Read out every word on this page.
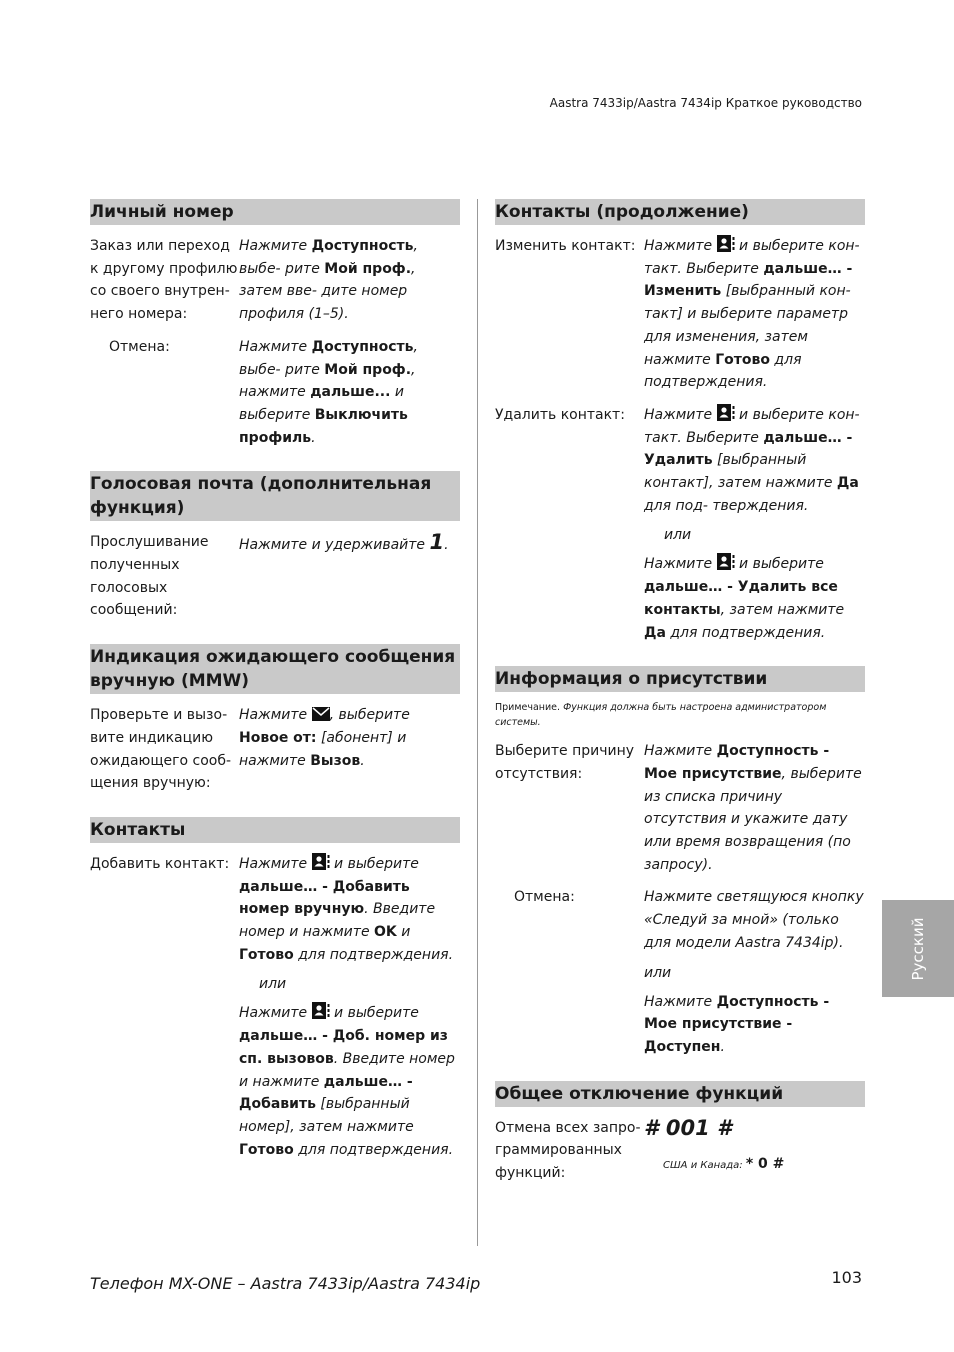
Aastra 7433ip/Aastra 7434ip Краткое руководство
Личный номер
Заказ или переход к другому профилю со своего внутрен- него номера:
Нажмите Доступность, выбе- рите Мой проф., затем вве- дите номер профиля (1–5).
Отмена:	Нажмите Доступность, выбе- рите Мой проф., нажмите дальше... и выберите Выключить профиль.
Голосовая почта (дополнительная функция)
Прослушивание полученных голосовых сообщений:
Нажмите и удерживайте 1.
Индикация ожидающего сообщения вручную (MMW)
Проверьте и вызо- вите индикацию ожидающего сооб- щения вручную:
Нажмите , выберите Новое от: [абонент] и нажмите Вызов.
Контакты
Добавить контакт: Нажмите  и выберите дальше… - Добавить номер вручную. Введите номер и нажмите OK и Готово для подтверждения.
или
Нажмите  и выберите дальше… - Доб. номер из сп. вызовов. Введите номер и нажмите дальше… - Добавить [выбранный номер], затем нажмите Готово для подтверждения.
Контакты (продолжение)
Изменить контакт: Нажмите  и выберите кон- такт. Выберите дальше… - Изменить [выбранный кон- такт] и выберите параметр для изменения, затем нажмите Готово для подтверждения.
Удалить контакт:	Нажмите  и выберите кон- такт. Выберите дальше… - Удалить [выбранный контакт], затем нажмите Да для под- тверждения.
или
Нажмите  и выберите дальше… - Удалить все контакты, затем нажмите Да для подтверждения.
Информация о присутствии
Примечание. Функция должна быть настроена администратором системы.
Выберите причину отсутствия:
Нажмите Доступность - Мое присутствие, выберите из списка причину отсутствия и укажите дату или время возвращения (по запросу).
Отмена:	Нажмите светящуюся кнопку «Следуй за мной» (только для модели Aastra 7434ip).
или
Нажмите Доступность - Мое присутствие - Доступен.
Общее отключение функций
Отмена всех запро- граммированных функций:
# 001 #
США и Канада: * 0 #
Русский
Телефон MX-ONE – Aastra 7433ip/Aastra 7434ip	103
